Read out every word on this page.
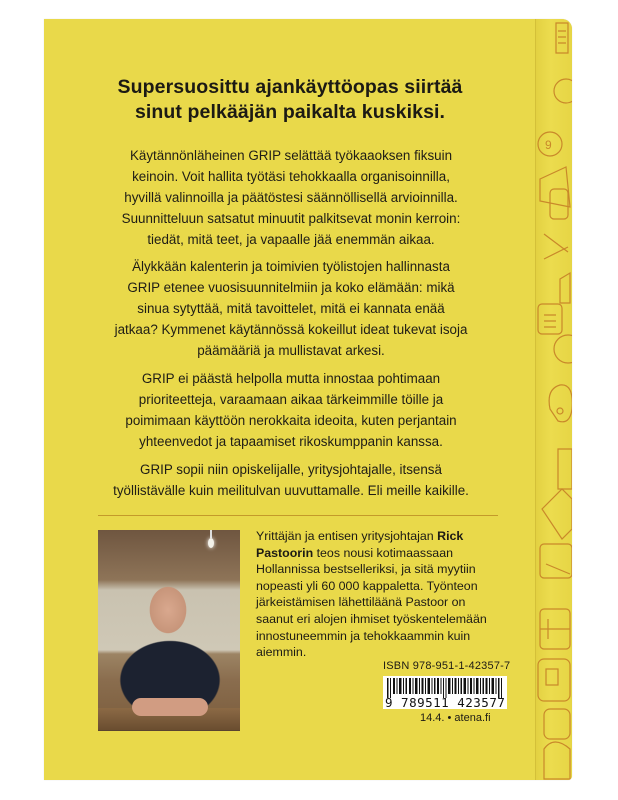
9
Supersuosittu ajankäyttöopas siirtää
sinut pelkääjän paikalta kuskiksi.
Käytännönläheinen GRIP selättää työkaaoksen fiksuin
keinoin. Voit hallita työtäsi tehokkaalla organisoinnilla,
hyvillä valinnoilla ja päätöstesi säännöllisellä arvioinnilla.
Suunnitteluun satsatut minuutit palkitsevat monin kerroin:
tiedät, mitä teet, ja vapaalle jää enemmän aikaa.
Älykkään kalenterin ja toimivien työlistojen hallinnasta
GRIP etenee vuosisuunnitelmiin ja koko elämään: mikä
sinua sytyttää, mitä tavoittelet, mitä ei kannata enää
jatkaa? Kymmenet käytännössä kokeillut ideat tukevat isoja
päämääriä ja mullistavat arkesi.
GRIP ei päästä helpolla mutta innostaa pohtimaan
prioriteetteja, varaamaan aikaa tärkeimmille töille ja
poimimaan käyttöön nerokkaita ideoita, kuten perjantain
yhteenvedot ja tapaamiset rikoskumppanin kanssa.
GRIP sopii niin opiskelijalle, yritysjohtajalle, itsensä
työllistävälle kuin meilitulvan uuvuttamalle. Eli meille kaikille.
Yrittäjän ja entisen yritysjohtajan Rick
Pastoorin teos nousi kotimaassaan
Hollannissa bestselleriksi, ja sitä myytiin
nopeasti yli 60 000 kappaletta. Työnteon
järkeistämisen lähettiläänä Pastoor on
saanut eri alojen ihmiset työskentelemään
innostuneemmin ja tehokkaammin kuin
aiemmin.
ISBN 978-951-1-42357-7
9 789511 423577
14.4. • atena.fi
